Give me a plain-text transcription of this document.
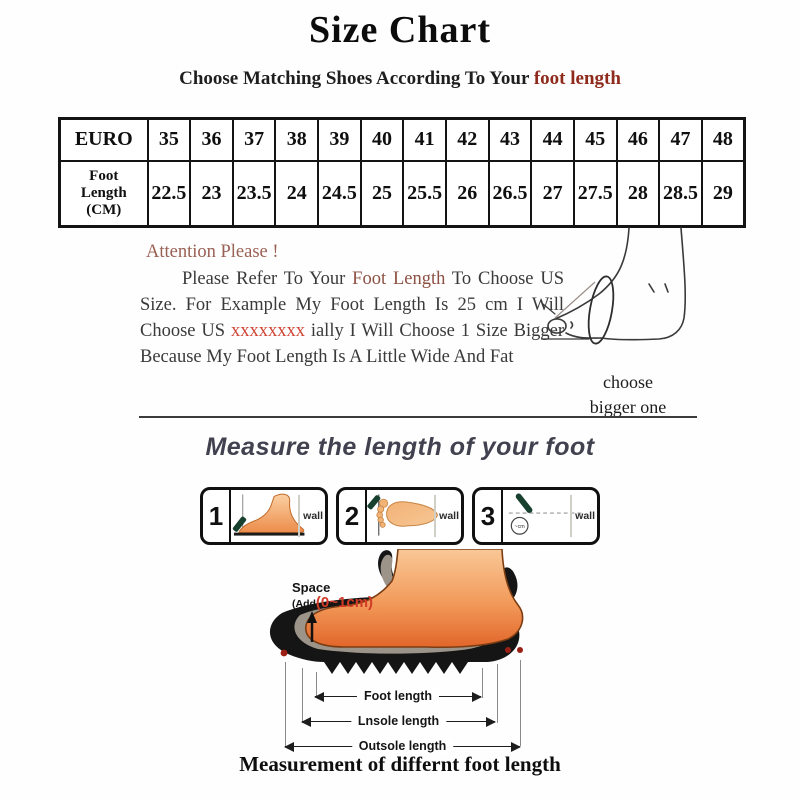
Size Chart
Choose Matching Shoes According To Your foot length
EURO	35	36	37	38	39	40	41	42	43	44	45	46	47	48

Foot
Length
(CM)	22.5	23	23.5	24	24.5	25	25.5	26	26.5	27	27.5	28	28.5	29
Attention Please !

Please Refer To Your Foot Length To Choose US Size. For Example My Foot Length Is 25 cm I Will Choose US xxxxxxxx ially I Will Choose 1 Size Bigger Because My Foot Length Is A Little Wide And Fat

choose
bigger one
Measure the length of your foot
1	wall 2	wall 3	~cm
wall
Space
(Add(0~1cm)
Foot length
Lnsole length
Outsole length
Measurement of differnt foot length
